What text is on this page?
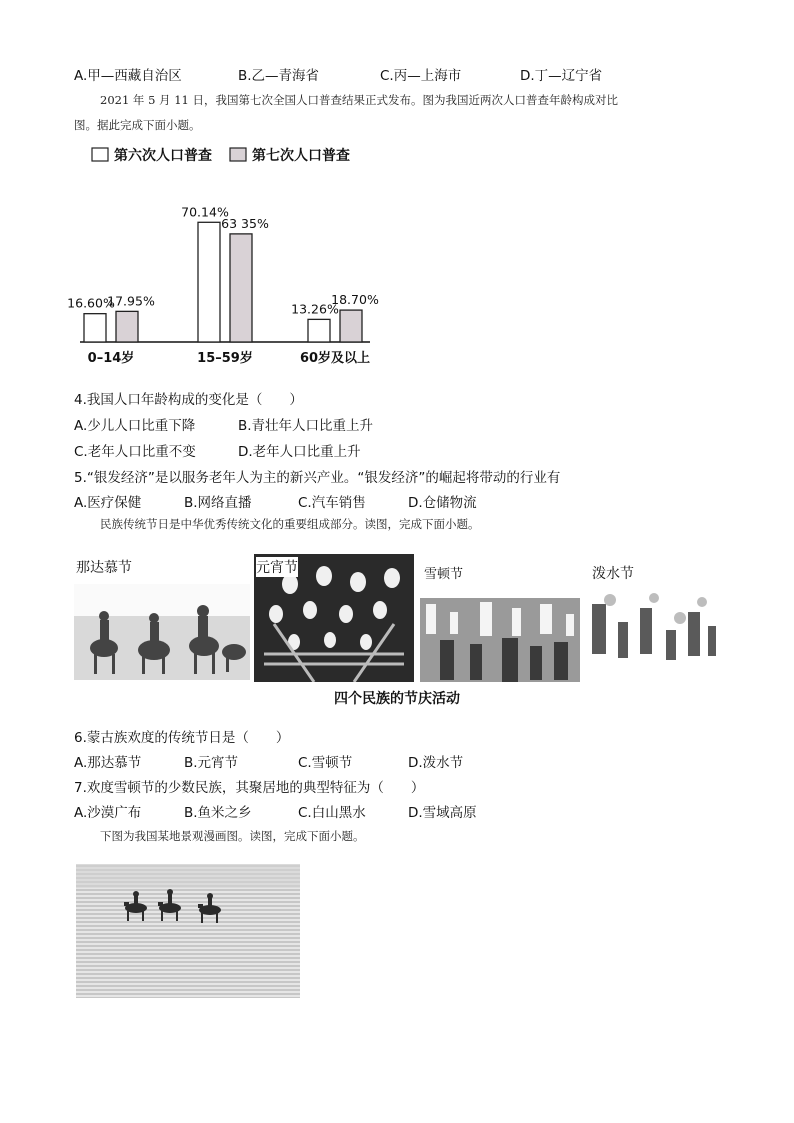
A.甲—西藏自治区	B.乙—青海省	C.丙—上海市	D.丁—辽宁省
2021 年 5 月 11 日，我国第七次全国人口普查结果正式发布。图为我国近两次人口普查年龄构成对比
图。据此完成下面小题。
第六次人口普查	第七次人口普查
16.60%
17.95%
0–14岁
70.14%
63 35%
15–59岁
13.26%
18.70%
60岁及以上
4.我国人口年龄构成的变化是（　　）
A.少儿人口比重下降	B.青壮年人口比重上升
C.老年人口比重不变	D.老年人口比重上升
5.“银发经济”是以服务老年人为主的新兴产业。“银发经济”的崛起将带动的行业有
A.医疗保健	B.网络直播	C.汽车销售	D.仓储物流
民族传统节日是中华优秀传统文化的重要组成部分。读图，完成下面小题。
那达慕节	元宵节	雪顿节	泼水节
四个民族的节庆活动
6.蒙古族欢度的传统节日是（　　）
A.那达慕节	B.元宵节	C.雪顿节	D.泼水节
7.欢度雪顿节的少数民族，其聚居地的典型特征为（　　）
A.沙漠广布	B.鱼米之乡	C.白山黑水	D.雪域高原
下图为我国某地景观漫画图。读图，完成下面小题。
